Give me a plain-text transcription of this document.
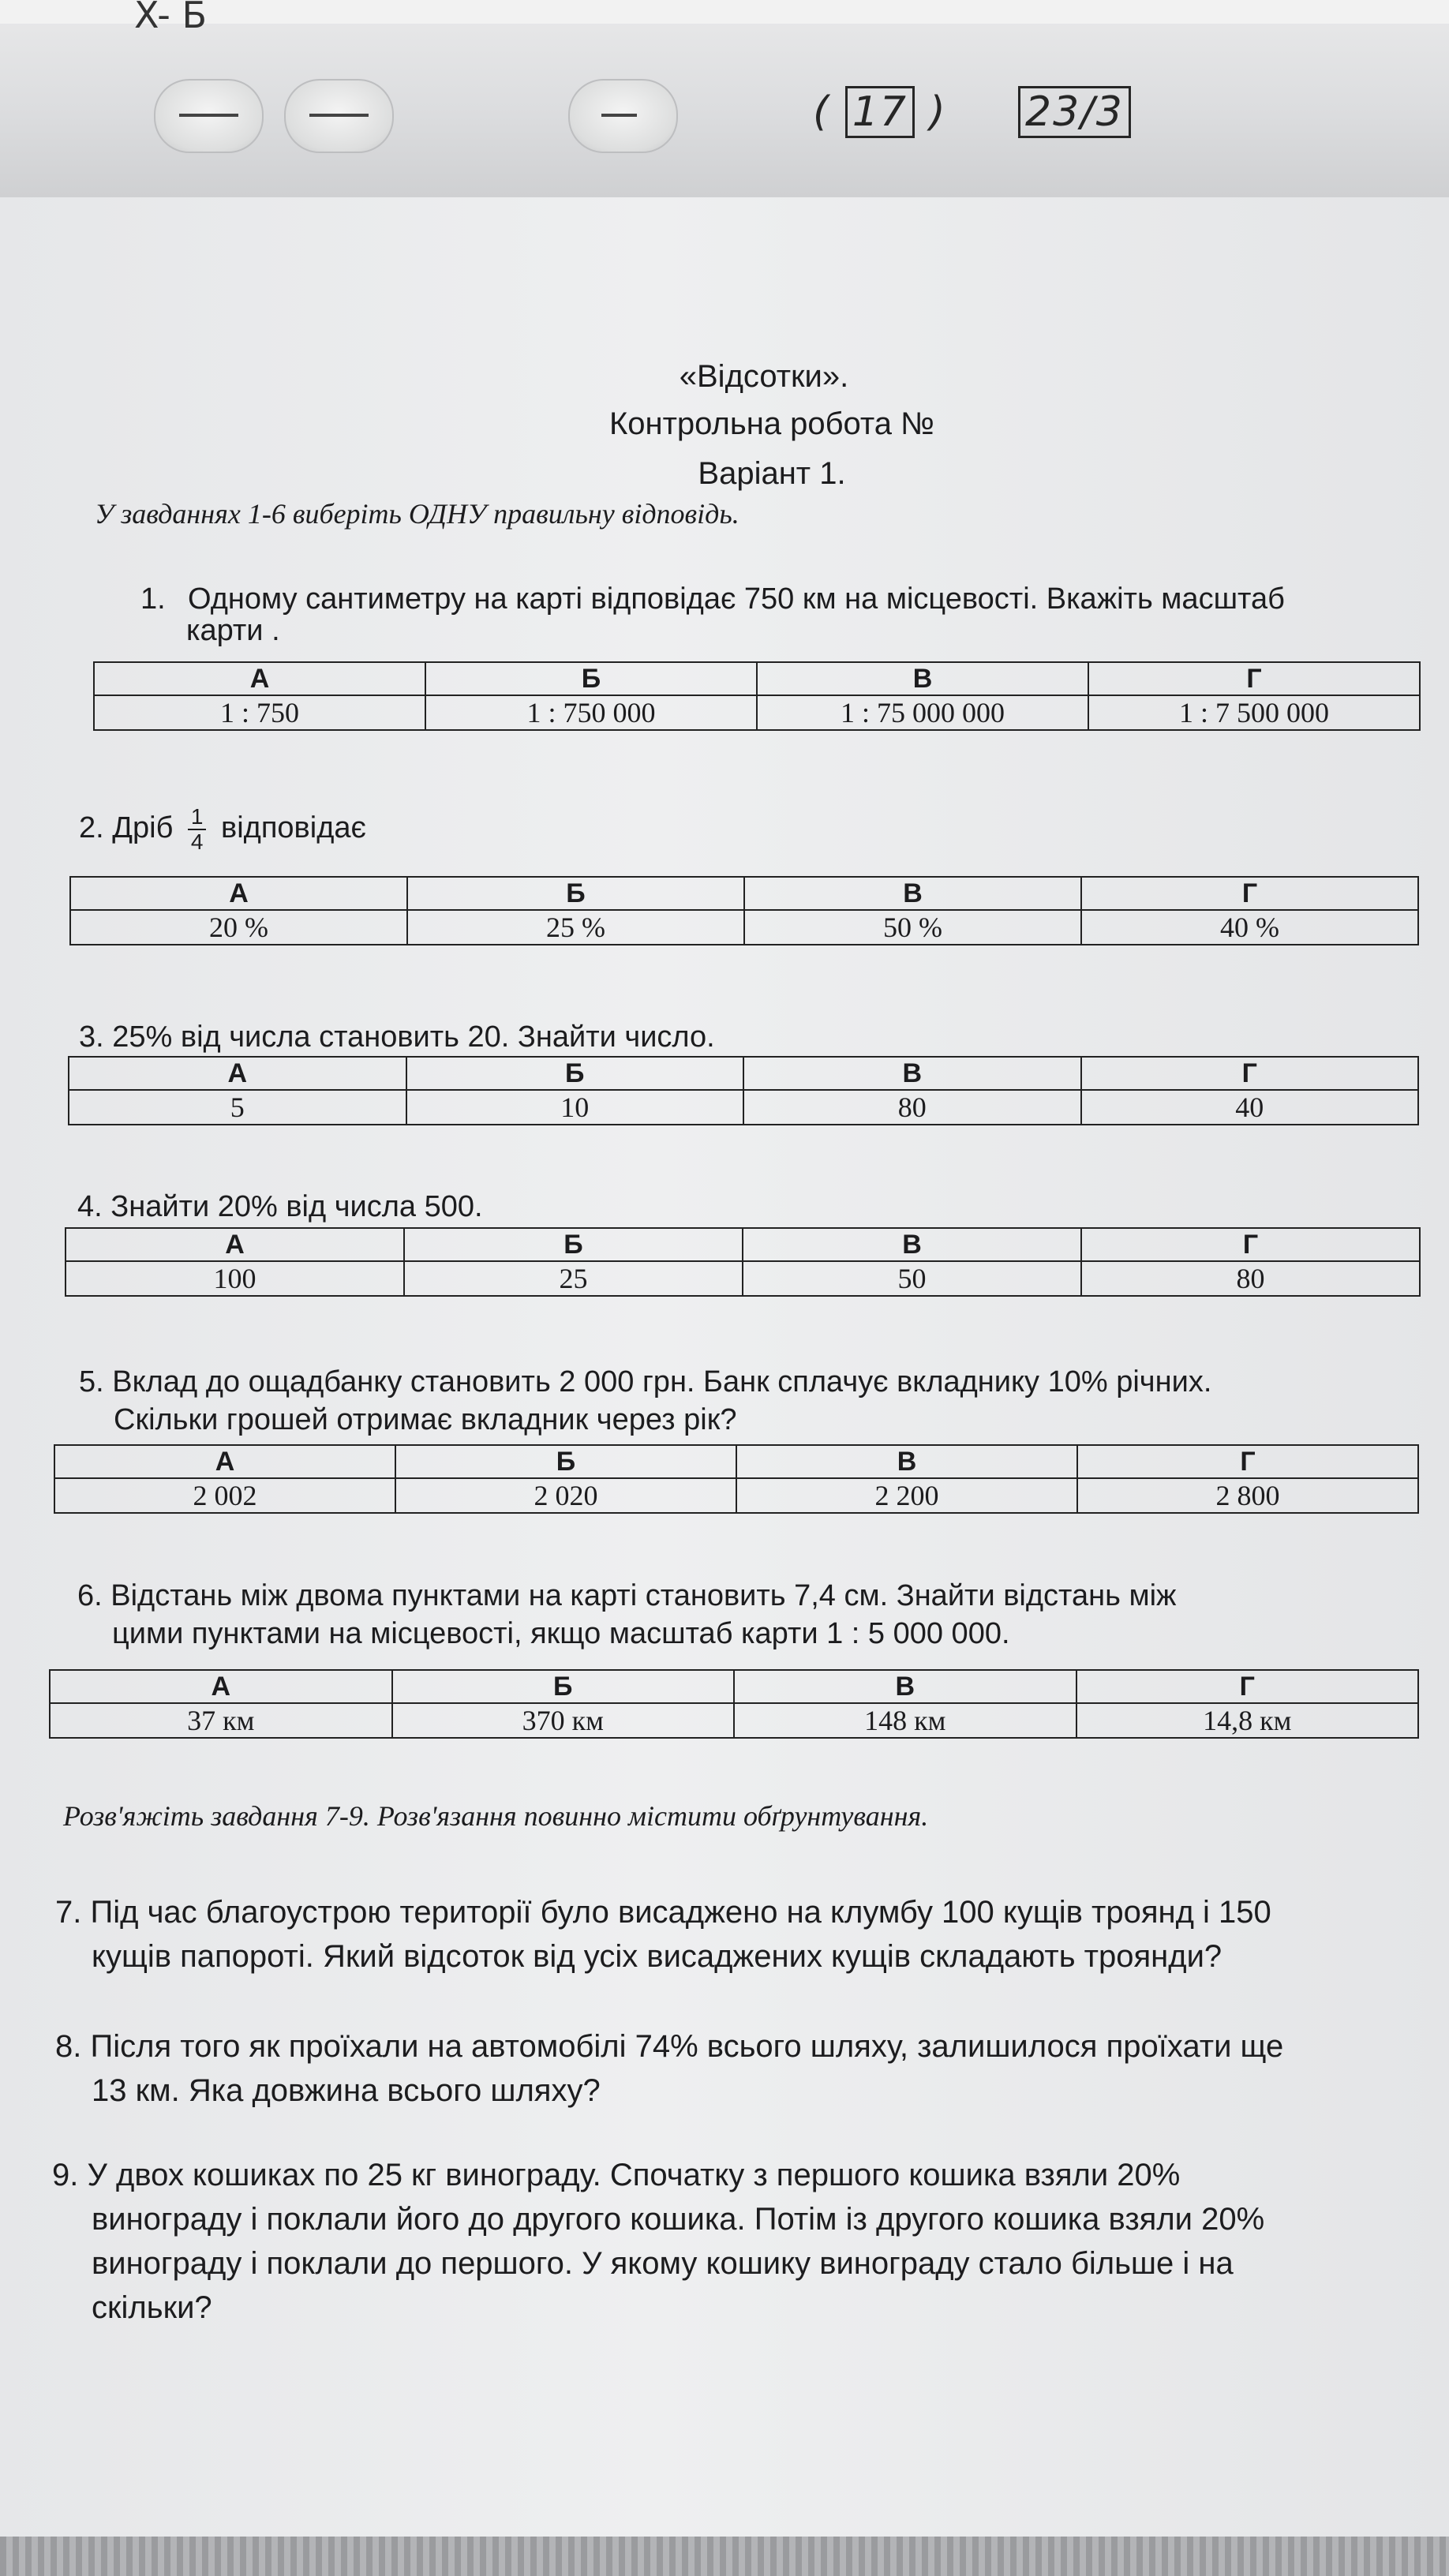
X- Б
( 17 ) 23/3
«Відсотки».
Контрольна робота №
Варіант 1.
У завданнях 1-6 виберіть ОДНУ правильну відповідь.
1. Одному сантиметру на карті відповідає 750 км на місцевості. Вкажіть масштаб
карти .
А	Б	В	Г
1 : 750	1 : 750 000	1 : 75 000 000	1 : 7 500 000
2. Дріб $\frac{1}{4}$ відповідає
А	Б	В	Г
20 %	25 %	50 %	40 %
3. 25% від числа становить 20. Знайти число.
А	Б	В	Г
5	10	80	40
4. Знайти 20% від числа 500.
А	Б	В	Г
100	25	50	80
5. Вклад до ощадбанку становить 2 000 грн. Банк сплачує вкладнику 10% річних.
Скільки грошей отримає вкладник через рік?
А	Б	В	Г
2 002	2 020	2 200	2 800
6. Відстань між двома пунктами на карті становить 7,4 см. Знайти відстань між
цими пунктами на місцевості, якщо масштаб карти 1 : 5 000 000.
А	Б	В	Г
37 км	370 км	148 км	14,8 км
Розв'яжіть завдання 7-9. Розв'язання повинно містити обґрунтування.
7. Під час благоустрою території було висаджено на клумбу 100 кущів троянд і 150
кущів папороті. Який відсоток від усіх висаджених кущів складають троянди?
8. Після того як проїхали на автомобілі 74% всього шляху, залишилося проїхати ще
13 км. Яка довжина всього шляху?
9. У двох кошиках по 25 кг винограду. Спочатку з першого кошика взяли 20%
винограду і поклали його до другого кошика. Потім із другого кошика взяли 20%
винограду і поклали до першого. У якому кошику винограду стало більше і на
скільки?
